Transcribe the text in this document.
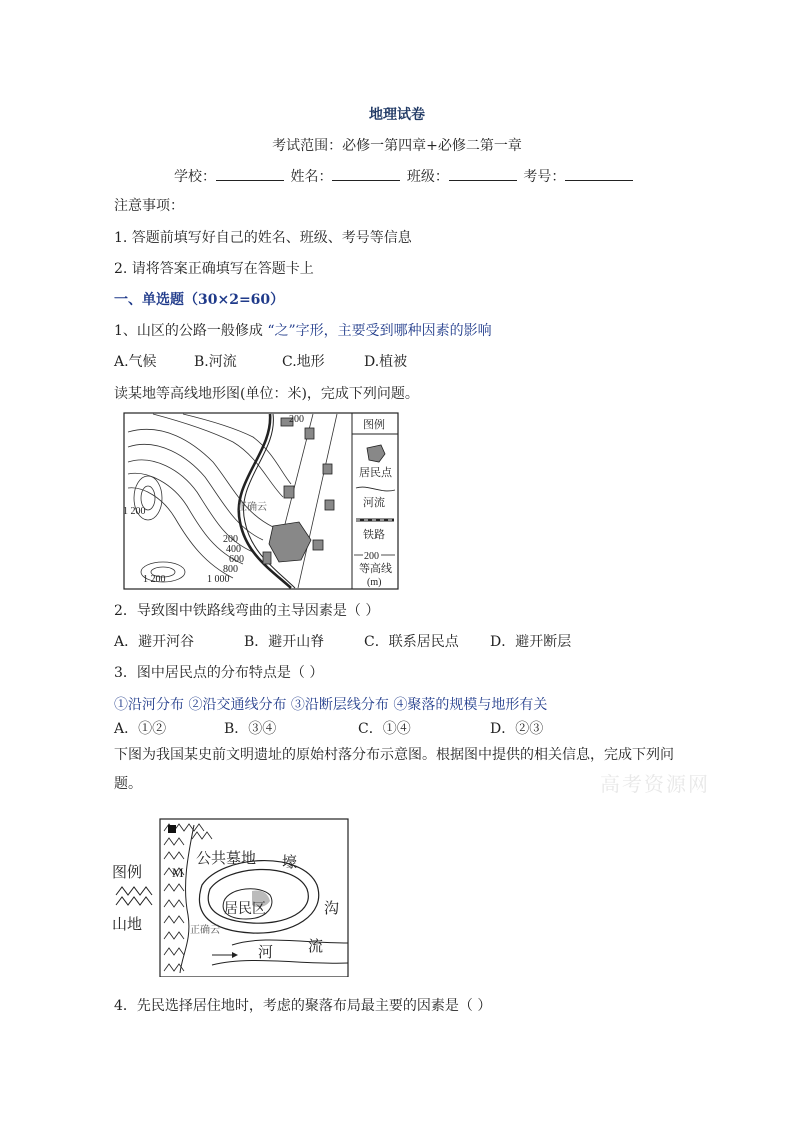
地理试卷
考试范围：必修一第四章+必修二第一章
学校：	姓名：	班级：	考号：
注意事项：
1. 答题前填写好自己的姓名、班级、考号等信息
2. 请将答案正确填写在答题卡上
一、单选题（30×2=60）
1、山区的公路一般修成 “之”字形，主要受到哪种因素的影响
A.气候	B.河流	C.地形	D.植被
读某地等高线地形图(单位：米)，完成下列问题。
200
1 200
200
400
600
800
1 000
1 200
正确云
图例
居民点
河流
铁路
200
等高线
(m)
2．导致图中铁路线弯曲的主导因素是（ ）
A．避开河谷	B．避开山脊	C．联系居民点 D．避开断层
3．图中居民点的分布特点是（ ）
①沿河分布 ②沿交通线分布 ③沿断层线分布 ④聚落的规模与地形有关
A．①②	B．③④	C．①④	D．②③
下图为我国某史前文明遗址的原始村落分布示意图。根据图中提供的相关信息，完成下列问
题。	高考资源网
图例
山地
公共墓地 壕
沟
居民区
河 流
M
正确云
4．先民选择居住地时，考虑的聚落布局最主要的因素是（ ）
